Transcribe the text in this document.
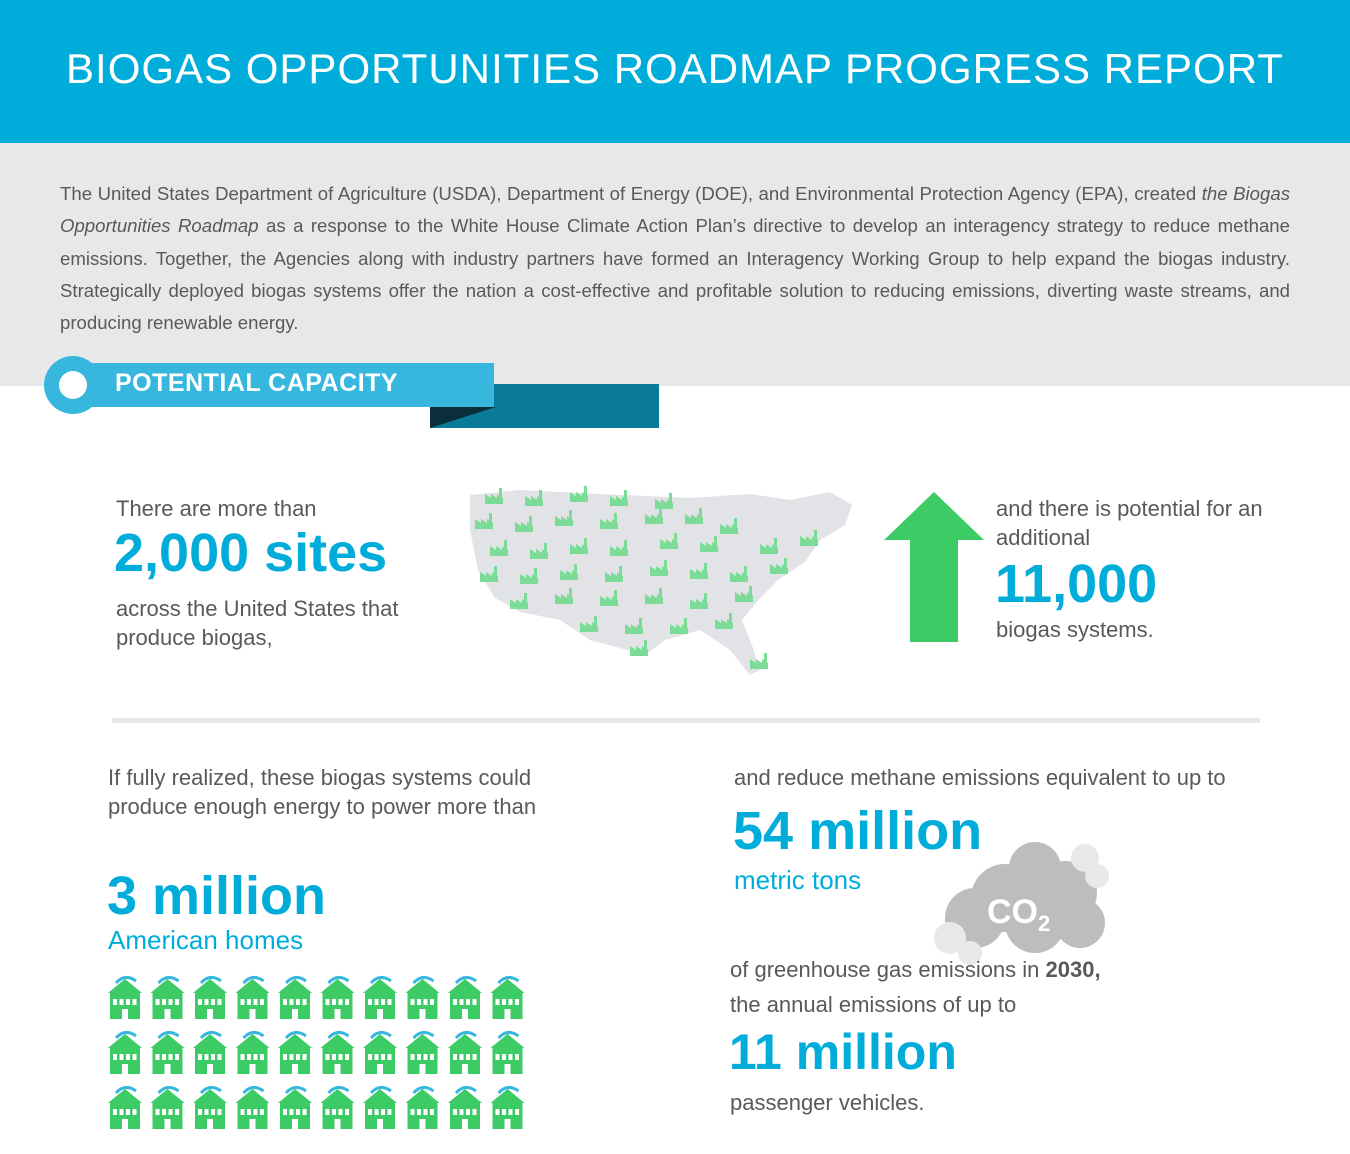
BIOGAS OPPORTUNITIES ROADMAP PROGRESS REPORT
The United States Department of Agriculture (USDA), Department of Energy (DOE), and Environmental Protection Agency (EPA), created the Biogas Opportunities Roadmap as a response to the White House Climate Action Plan’s directive to develop an interagency strategy to reduce methane emissions. Together, the Agencies along with industry partners have formed an Interagency Working Group to help expand the biogas industry. Strategically deployed biogas systems offer the nation a cost-effective and profitable solution to reducing emissions, diverting waste streams, and producing renewable energy.
POTENTIAL CAPACITY
There are more than
2,000 sites
across the United States that produce biogas,
and there is potential for an additional
11,000
biogas systems.
If fully realized, these biogas systems could produce enough energy to power more than
3 million
American homes
and reduce methane emissions equivalent to up to
54 million
metric tons
$CO_2$
of greenhouse gas emissions in 2030,
the annual emissions of up to
11 million
passenger vehicles.
